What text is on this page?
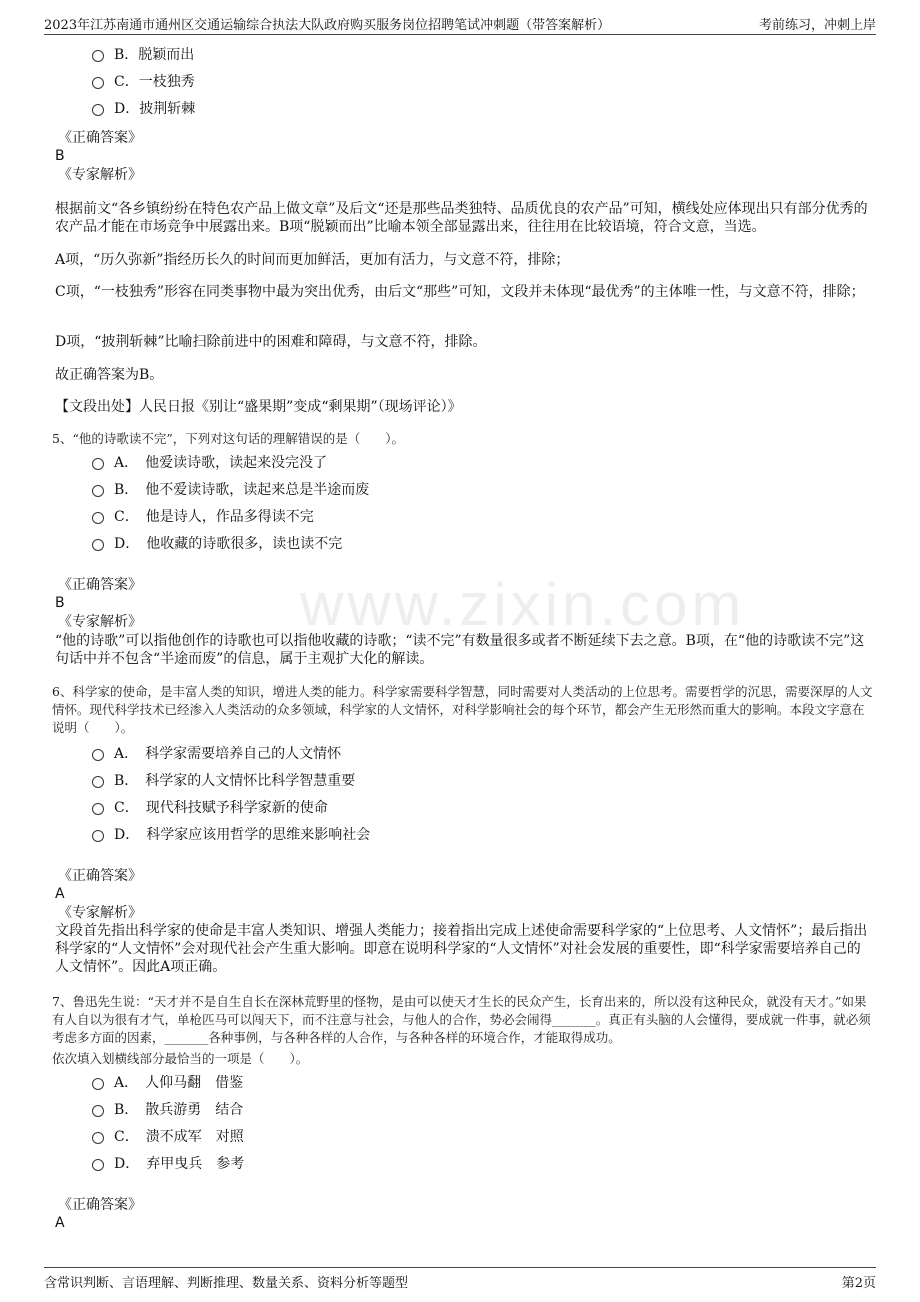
2023年江苏南通市通州区交通运输综合执法大队政府购买服务岗位招聘笔试冲刺题（带答案解析）	考前练习，冲刺上岸
www.zixin.com
B．脱颖而出
C．一枝独秀
D．披荆斩棘
《正确答案》
B
《专家解析》
根据前文“各乡镇纷纷在特色农产品上做文章”及后文“还是那些品类独特、品质优良的农产品”可知，横线处应体现出只有部分优秀的农产品才能在市场竞争中展露出来。B项“脱颖而出”比喻本领全部显露出来，往往用在比较语境，符合文意，当选。
A项，“历久弥新”指经历长久的时间而更加鲜活，更加有活力，与文意不符，排除；
C项，“一枝独秀”形容在同类事物中最为突出优秀，由后文“那些”可知，文段并未体现“最优秀”的主体唯一性，与文意不符，排除；
D项，“披荆斩棘”比喻扫除前进中的困难和障碍，与文意不符，排除。
故正确答案为B。
【文段出处】人民日报《别让“盛果期”变成“剩果期”（现场评论）》
5、“他的诗歌读不完”，下列对这句话的理解错误的是（　　）。
A．　他爱读诗歌，读起来没完没了
B．　他不爱读诗歌，读起来总是半途而废
C．　他是诗人，作品多得读不完
D．　他收藏的诗歌很多，读也读不完
《正确答案》
B
《专家解析》
“他的诗歌”可以指他创作的诗歌也可以指他收藏的诗歌；“读不完”有数量很多或者不断延续下去之意。B项，在“他的诗歌读不完”这句话中并不包含“半途而废”的信息，属于主观扩大化的解读。
6、科学家的使命，是丰富人类的知识，增进人类的能力。科学家需要科学智慧，同时需要对人类活动的上位思考。需要哲学的沉思，需要深厚的人文情怀。现代科学技术已经渗入人类活动的众多领域，科学家的人文情怀，对科学影响社会的每个环节，都会产生无形然而重大的影响。本段文字意在说明（　　）。
A．　科学家需要培养自己的人文情怀
B．　科学家的人文情怀比科学智慧重要
C．　现代科技赋予科学家新的使命
D．　科学家应该用哲学的思维来影响社会
《正确答案》
A
《专家解析》
文段首先指出科学家的使命是丰富人类知识、增强人类能力；接着指出完成上述使命需要科学家的“上位思考、人文情怀”；最后指出科学家的“人文情怀”会对现代社会产生重大影响。即意在说明科学家的“人文情怀”对社会发展的重要性，即“科学家需要培养自己的人文情怀”。因此A项正确。
7、鲁迅先生说：“天才并不是自生自长在深林荒野里的怪物，是由可以使天才生长的民众产生，长育出来的，所以没有这种民众，就没有天才。”如果有人自以为很有才气，单枪匹马可以闯天下，而不注意与社会，与他人的合作，势必会闹得_______。真正有头脑的人会懂得，要成就一件事，就必须考虑多方面的因素，_______各种事例，与各种各样的人合作，与各种各样的环境合作，才能取得成功。
依次填入划横线部分最恰当的一项是（　　）。
A．　人仰马翻　借鉴
B．　散兵游勇　结合
C．　溃不成军　对照
D．　弃甲曳兵　参考
《正确答案》
A
含常识判断、言语理解、判断推理、数量关系、资料分析等题型	第2页
